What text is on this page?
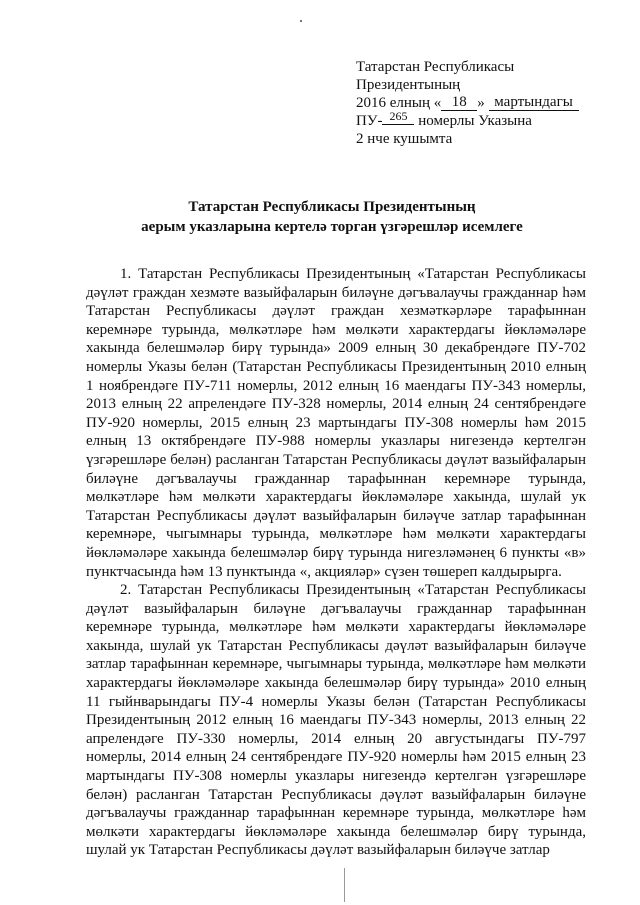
Татарстан Республикасы
Президентының
2016 елның « 18 » мартындагы
ПУ- 265 номерлы Указына
2 нче кушымта
Татарстан Республикасы Президентының
аерым указларына кертелә торган үзгәрешләр исемлеге

1. Татарстан Республикасы Президентының «Татарстан Республикасы дәүләт граждан хезмәте вазыйфаларын биләүне дәгъвалаучы гражданнар һәм Татарстан Республикасы дәүләт граждан хезмәткәрләре тарафыннан керемнәре турында, мөлкәтләре һәм мөлкәти характердагы йөкләмәләре хакында белешмәләр бирү турында» 2009 елның 30 декабрендәге ПУ-702 номерлы Указы белән (Татарстан Республикасы Президентының 2010 елның 1 ноябрендәге ПУ-711 номерлы, 2012 елның 16 маендагы ПУ-343 номерлы, 2013 елның 22 апрелендәге ПУ-328 номерлы, 2014 елның 24 сентябрендәге ПУ-920 номерлы, 2015 елның 23 мартындагы ПУ-308 номерлы һәм 2015 елның 13 октябрендәге ПУ-988 номерлы указлары нигезендә кертелгән үзгәрешләре белән) расланган Татарстан Республикасы дәүләт вазыйфаларын биләүне дәгъвалаучы гражданнар тарафыннан керемнәре турында, мөлкәтләре һәм мөлкәти характердагы йөкләмәләре хакында, шулай ук Татарстан Республикасы дәүләт вазыйфаларын биләүче затлар тарафыннан керемнәре, чыгымнары турында, мөлкәтләре һәм мөлкәти характердагы йөкләмәләре хакында белешмәләр бирү турында нигезләмәнең 6 пункты «в» пунктчасында һәм 13 пунктында «, акцияләр» сүзен төшереп калдырырга.

2. Татарстан Республикасы Президентының «Татарстан Республикасы дәүләт вазыйфаларын биләүне дәгъвалаучы гражданнар тарафыннан керемнәре турында, мөлкәтләре һәм мөлкәти характердагы йөкләмәләре хакында, шулай ук Татарстан Республикасы дәүләт вазыйфаларын биләүче затлар тарафыннан керемнәре, чыгымнары турында, мөлкәтләре һәм мөлкәти характердагы йөкләмәләре хакында белешмәләр бирү турында» 2010 елның 11 гыйнварындагы ПУ-4 номерлы Указы белән (Татарстан Республикасы Президентының 2012 елның 16 маендагы ПУ-343 номерлы, 2013 елның 22 апрелендәге ПУ-330 номерлы, 2014 елның 20 августындагы ПУ-797 номерлы, 2014 елның 24 сентябрендәге ПУ-920 номерлы һәм 2015 елның 23 мартындагы ПУ-308 номерлы указлары нигезендә кертелгән үзгәрешләре белән) расланган Татарстан Республикасы дәүләт вазыйфаларын биләүне дәгъвалаучы гражданнар тарафыннан керемнәре турында, мөлкәтләре һәм мөлкәти характердагы йөкләмәләре хакында белешмәләр бирү турында, шулай ук Татарстан Республикасы дәүләт вазыйфаларын биләүче затлар
